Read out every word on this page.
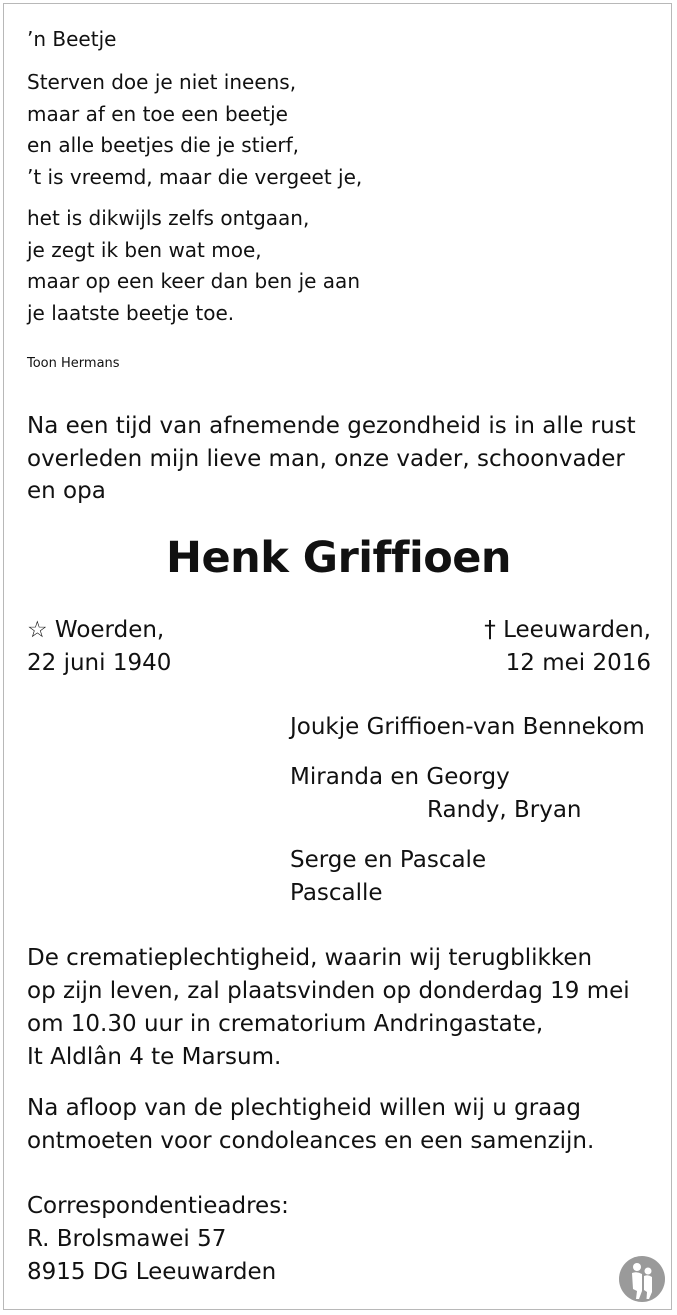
’n Beetje
Sterven doe je niet ineens,
maar af en toe een beetje
en alle beetjes die je stierf,
’t is vreemd, maar die vergeet je,
het is dikwijls zelfs ontgaan,
je zegt ik ben wat moe,
maar op een keer dan ben je aan
je laatste beetje toe.
Toon Hermans
Na een tijd van afnemende gezondheid is in alle rust
overleden mijn lieve man, onze vader, schoonvader
en opa
Henk Griffioen
☆ Woerden,
22 juni 1940
† Leeuwarden,
12 mei 2016
Joukje Griffioen-van Bennekom
Miranda en Georgy
Randy, Bryan
Serge en Pascale
Pascalle
De crematieplechtigheid, waarin wij terugblikken
op zijn leven, zal plaatsvinden op donderdag 19 mei
om 10.30 uur in crematorium Andringastate,
It Aldlân 4 te Marsum.
Na afloop van de plechtigheid willen wij u graag
ontmoeten voor condoleances en een samenzijn.
Correspondentieadres:
R. Brolsmawei 57
8915 DG Leeuwarden
